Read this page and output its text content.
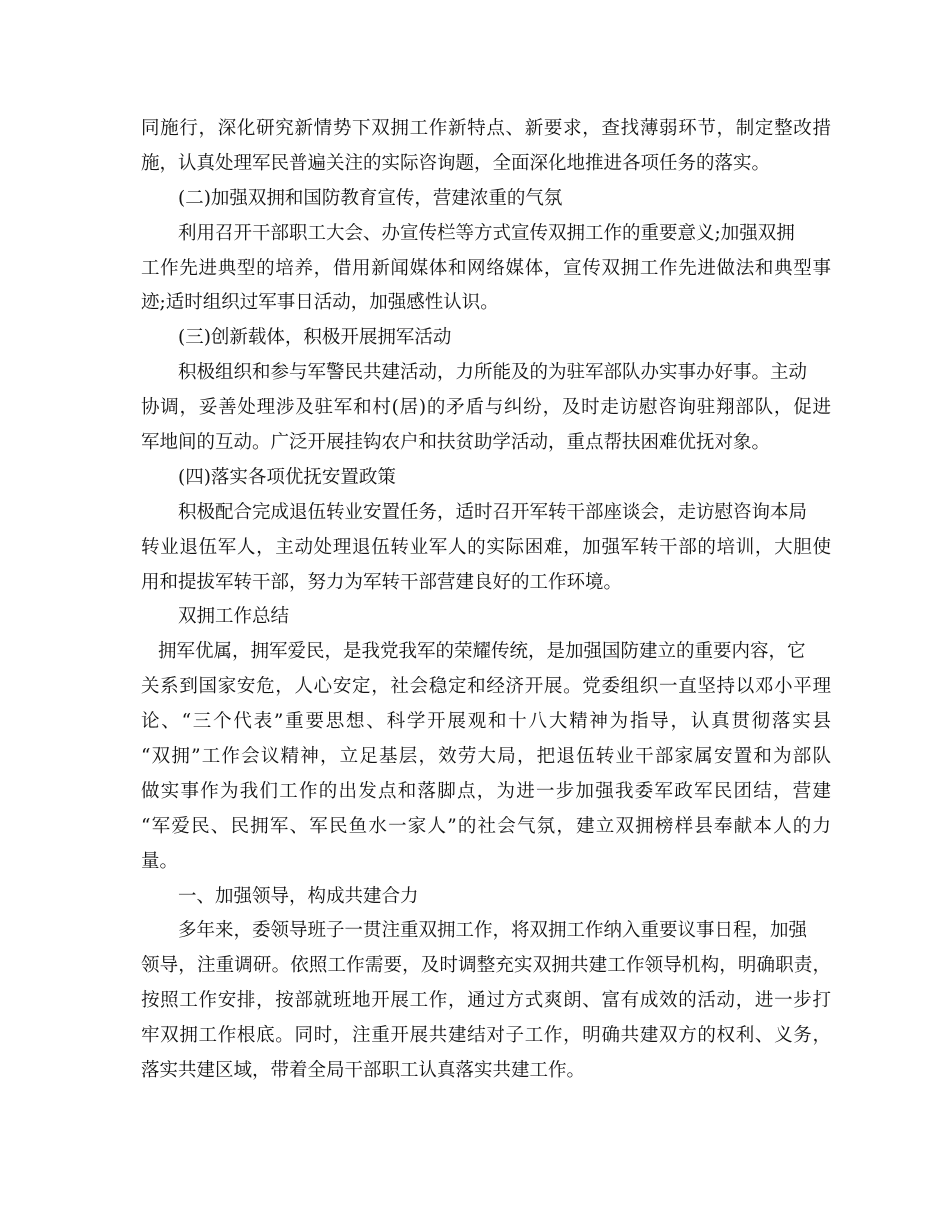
同施行，深化研究新情势下双拥工作新特点、新要求，查找薄弱环节，制定整改措
施，认真处理军民普遍关注的实际咨询题，全面深化地推进各项任务的落实。
(二)加强双拥和国防教育宣传，营建浓重的气氛
利用召开干部职工大会、办宣传栏等方式宣传双拥工作的重要意义;加强双拥
工作先进典型的培养，借用新闻媒体和网络媒体，宣传双拥工作先进做法和典型事
迹;适时组织过军事日活动，加强感性认识。
(三)创新载体，积极开展拥军活动
积极组织和参与军警民共建活动，力所能及的为驻军部队办实事办好事。主动
协调，妥善处理涉及驻军和村(居)的矛盾与纠纷，及时走访慰咨询驻翔部队，促进
军地间的互动。广泛开展挂钩农户和扶贫助学活动，重点帮扶困难优抚对象。
(四)落实各项优抚安置政策
积极配合完成退伍转业安置任务，适时召开军转干部座谈会，走访慰咨询本局
转业退伍军人，主动处理退伍转业军人的实际困难，加强军转干部的培训，大胆使
用和提拔军转干部，努力为军转干部营建良好的工作环境。
双拥工作总结
拥军优属，拥军爱民，是我党我军的荣耀传统，是加强国防建立的重要内容，它
关系到国家安危，人心安定，社会稳定和经济开展。党委组织一直坚持以邓小平理
论、“三个代表”重要思想、科学开展观和十八大精神为指导，认真贯彻落实县
“双拥”工作会议精神，立足基层，效劳大局，把退伍转业干部家属安置和为部队
做实事作为我们工作的出发点和落脚点，为进一步加强我委军政军民团结，营建
“军爱民、民拥军、军民鱼水一家人”的社会气氛，建立双拥榜样县奉献本人的力
量。
一、加强领导，构成共建合力
多年来，委领导班子一贯注重双拥工作，将双拥工作纳入重要议事日程，加强
领导，注重调研。依照工作需要，及时调整充实双拥共建工作领导机构，明确职责，
按照工作安排，按部就班地开展工作，通过方式爽朗、富有成效的活动，进一步打
牢双拥工作根底。同时，注重开展共建结对子工作，明确共建双方的权利、义务，
落实共建区域，带着全局干部职工认真落实共建工作。
